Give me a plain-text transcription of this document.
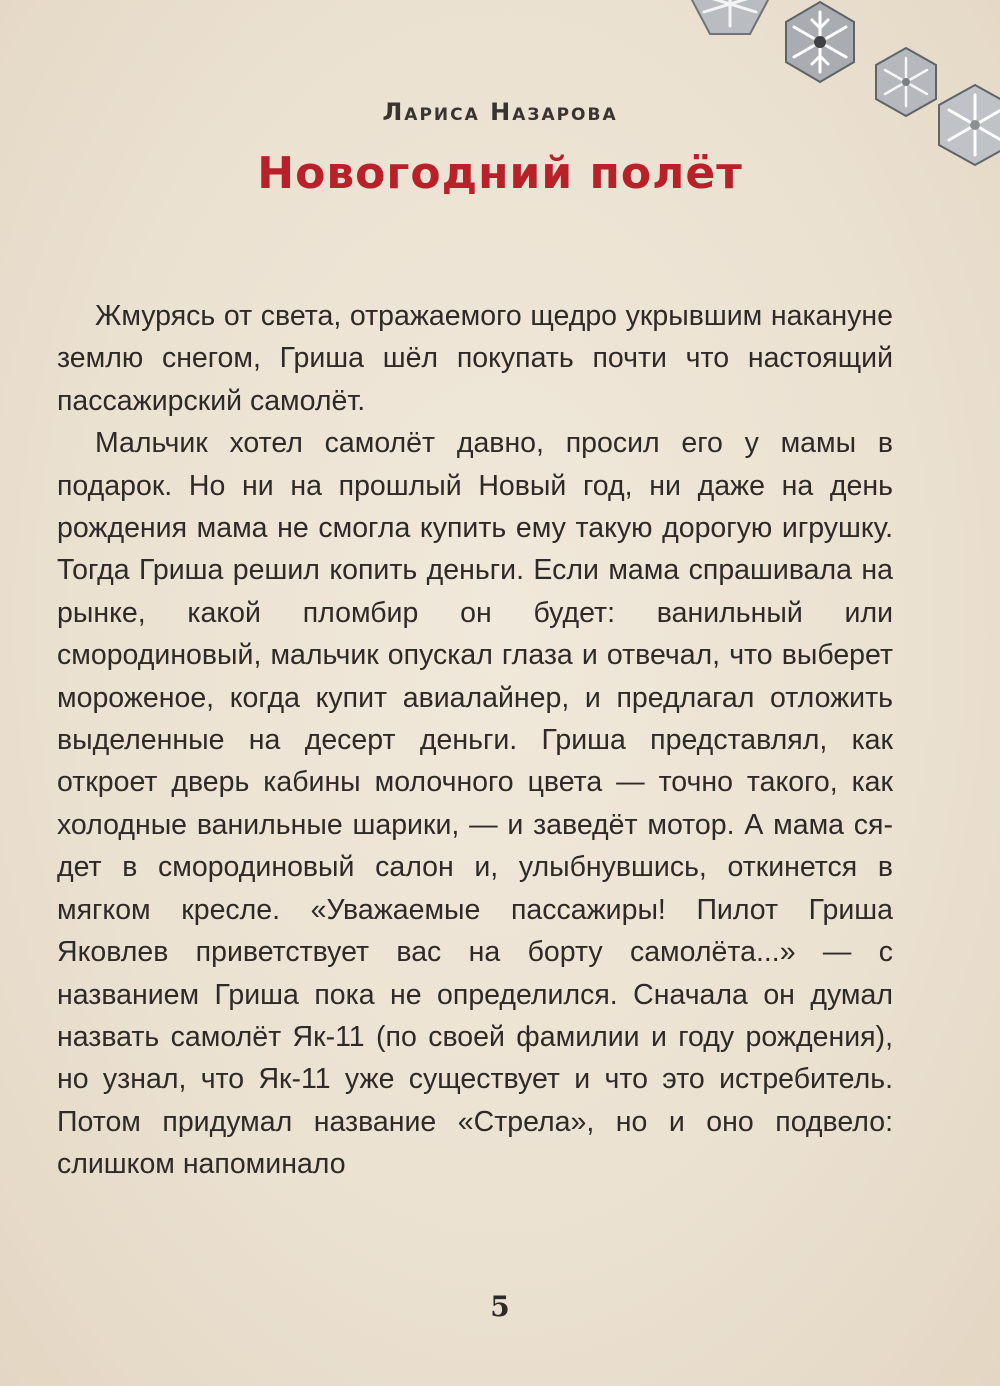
Лариса Назарова
Новогодний полёт

Жмурясь от света, отражаемого щедро укрывшим накануне землю снегом, Гриша шёл покупать почти что настоящий пассажирский самолёт.

Мальчик хотел самолёт давно, просил его у мамы в подарок. Но ни на прошлый Новый год, ни даже на день рождения мама не смогла купить ему такую дорогую игрушку. Тогда Гриша решил копить деньги. Если мама спрашивала на рынке, какой пломбир он будет: ванильный или смородиновый, мальчик опускал глаза и отвечал, что выберет мороженое, когда купит авиалайнер, и предлагал отложить выделенные на десерт деньги. Гриша представлял, как откроет дверь кабины молочного цвета — точно такого, как холодные ванильные шарики, — и заведёт мотор. А мама сядет в смородиновый салон и, улыбнувшись, откинется в мягком кресле. «Уважаемые пассажиры! Пилот Гриша Яковлев приветствует вас на борту самолёта...» — с названием Гриша пока не определился. Сначала он думал назвать самолёт Як-11 (по своей фамилии и году рождения), но узнал, что Як-11 уже существует и что это истребитель. Потом придумал название «Стрела», но и оно подвело: слишком напоминало

5
